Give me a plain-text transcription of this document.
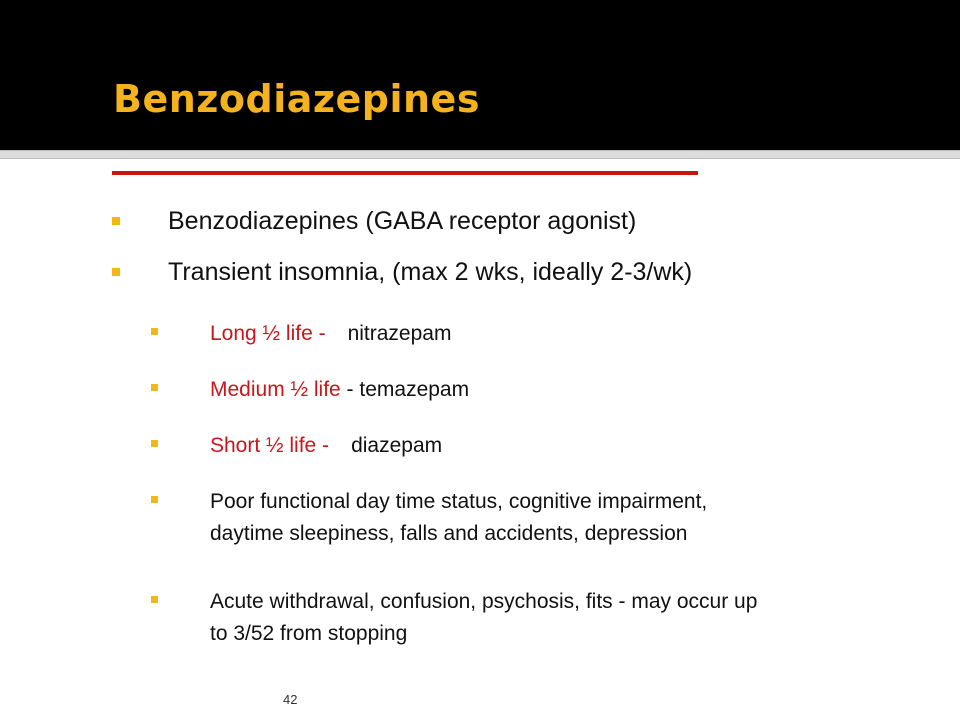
Benzodiazepines

Benzodiazepines (GABA receptor agonist)

Transient insomnia, (max 2 wks, ideally 2-3/wk)

Long ½ life - nitrazepam

Medium ½ life - temazepam

Short ½ life - diazepam

Poor functional day time status, cognitive impairment,
daytime sleepiness, falls and accidents, depression

Acute withdrawal, confusion, psychosis, fits - may occur up
to 3/52 from stopping

42
